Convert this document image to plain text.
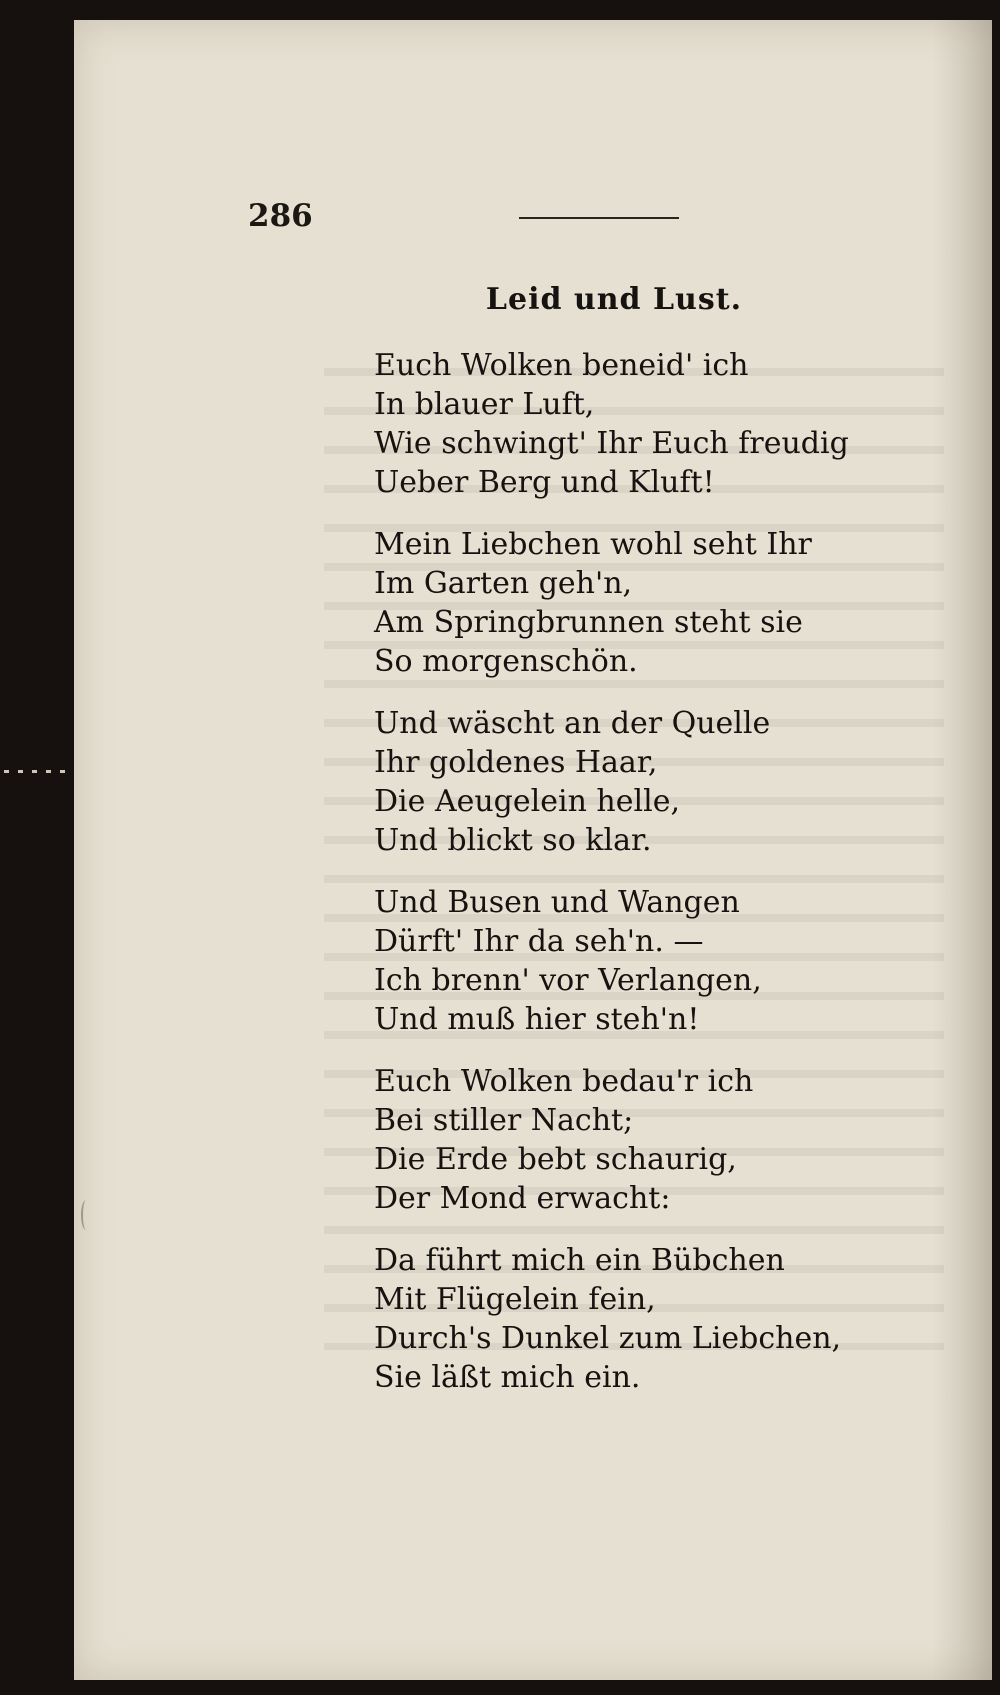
286
Leid und Lust.
Euch Wolken beneid' ich
In blauer Luft,
Wie schwingt' Ihr Euch freudig
Ueber Berg und Kluft!
Mein Liebchen wohl seht Ihr
Im Garten geh'n,
Am Springbrunnen steht sie
So morgenschön.
Und wäscht an der Quelle
Ihr goldenes Haar,
Die Aeugelein helle,
Und blickt so klar.
Und Busen und Wangen
Dürft' Ihr da seh'n. —
Ich brenn' vor Verlangen,
Und muß hier steh'n!
Euch Wolken bedau'r ich
Bei stiller Nacht;
Die Erde bebt schaurig,
Der Mond erwacht:
Da führt mich ein Bübchen
Mit Flügelein fein,
Durch's Dunkel zum Liebchen,
Sie läßt mich ein.
